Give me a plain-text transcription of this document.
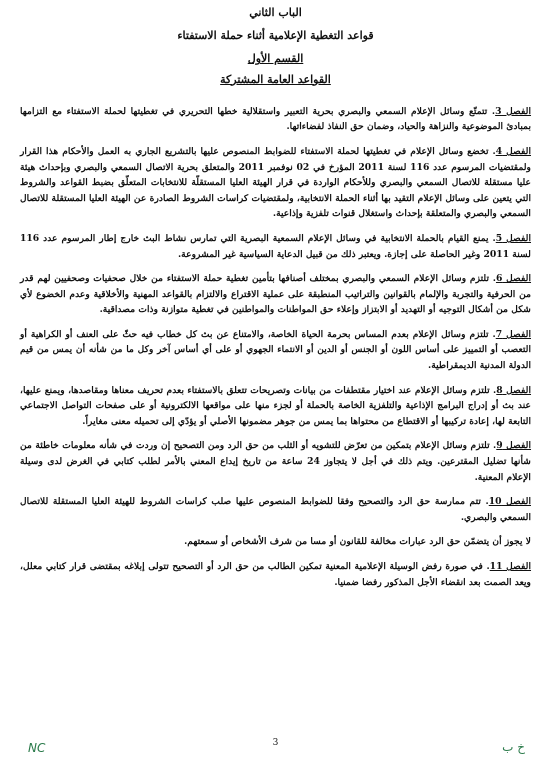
الباب الثاني

قواعد التغطية الإعلامية أثناء حملة الاستفتاء

القسم الأول

القواعد العامة المشتركة

الفصل 3. تتمتّع وسائل الإعلام السمعي والبصري بحرية التعبير واستقلالية خطها التحريري في تغطيتها لحملة الاستفتاء مع التزامها بمبادئ الموضوعية والنزاهة والحياد، وضمان حق النفاذ لفضاءاتها.

الفصل 4. تخضع وسائل الإعلام في تغطيتها لحملة الاستفتاء للضوابط المنصوص عليها بالتشريع الجاري به العمل والأحكام هذا القرار ولمقتضيات المرسوم عدد 116 لسنة 2011 المؤرخ في 02 نوفمبر 2011 والمتعلق بحرية الاتصال السمعي والبصري وبإحداث هيئة عليا مستقلة للاتصال السمعي والبصري وللأحكام الواردة في قرار الهيئة العليا المستقلّة للانتخابات المتعلّق بضبط القواعد والشروط التي يتعين على وسائل الإعلام التقيد بها أثناء الحملة الانتخابية، ولمقتضيات كراسات الشروط الصادرة عن الهيئة العليا المستقلة للاتصال السمعي والبصري والمتعلقة بإحداث واستغلال قنوات تلفزية وإذاعية.

الفصل 5. يمنع القيام بالحملة الانتخابية في وسائل الإعلام السمعية البصرية التي تمارس نشاط البث خارج إطار المرسوم عدد 116 لسنة 2011 وغير الحاصلة على إجازة. ويعتبر ذلك من قبيل الدعاية السياسية غير المشروعة.

الفصل 6. تلتزم وسائل الإعلام السمعي والبصري بمختلف أصنافها بتأمين تغطية حملة الاستفتاء من خلال صحفيات وصحفيين لهم قدر من الحرفية والتجربة والإلمام بالقوانين والتراتيب المنطبقة على عملية الاقتراع والالتزام بالقواعد المهنية والأخلاقية وعدم الخضوع لأي شكل من أشكال التوجيه أو التهديد أو الابتزاز وإعلاء حق المواطنات والمواطنين في تغطية متوازنة وذات مصداقية.

الفصل 7. تلتزم وسائل الإعلام بعدم المساس بحرمة الحياة الخاصة، والامتناع عن بث كل خطاب فيه حثّ على العنف أو الكراهية أو التعصب أو التمييز على أساس اللون أو الجنس أو الدين أو الانتماء الجهوي أو على أي أساس آخر وكل ما من شأنه أن يمس من قيم الدولة المدنية الديمقراطية.

الفصل 8. تلتزم وسائل الإعلام عند اختيار مقتطفات من بيانات وتصريحات تتعلق بالاستفتاء بعدم تحريف معناها ومقاصدها، ويمنع عليها، عند بث أو إدراج البرامج الإذاعية والتلفزية الخاصة بالحملة أو لجزء منها على مواقعها الالكترونية أو على صفحات التواصل الاجتماعي التابعة لها، إعادة تركيبها أو الاقتطاع من محتواها بما يمس من جوهر مضمونها الأصلي أو يؤدّي إلى تحميله معنى مغايراً.

الفصل 9. تلتزم وسائل الإعلام بتمكين من تعرّض للتشويه أو الثلب من حق الرد ومن التصحيح إن وردت في شأنه معلومات خاطئة من شأنها تضليل المقترعين. ويتم ذلك في أجل لا يتجاوز 24 ساعة من تاريخ إيداع المعني بالأمر لطلب كتابي في الغرض لدى وسيلة الإعلام المعنية.

الفصل 10. تتم ممارسة حق الرد والتصحيح وفقا للضوابط المنصوص عليها صلب كراسات الشروط للهيئة العليا المستقلة للاتصال السمعي والبصري.

لا يجوز أن يتضمّن حق الرد عبارات مخالفة للقانون أو مسا من شرف الأشخاص أو سمعتهم.

الفصل 11. في صورة رفض الوسيلة الإعلامية المعنية تمكين الطالب من حق الرد أو التصحيح تتولى إبلاغه بمقتضى قرار كتابي معلل، ويعد الصمت بعد انقضاء الأجل المذكور رفضا ضمنيا.

NC	3	خ ب
